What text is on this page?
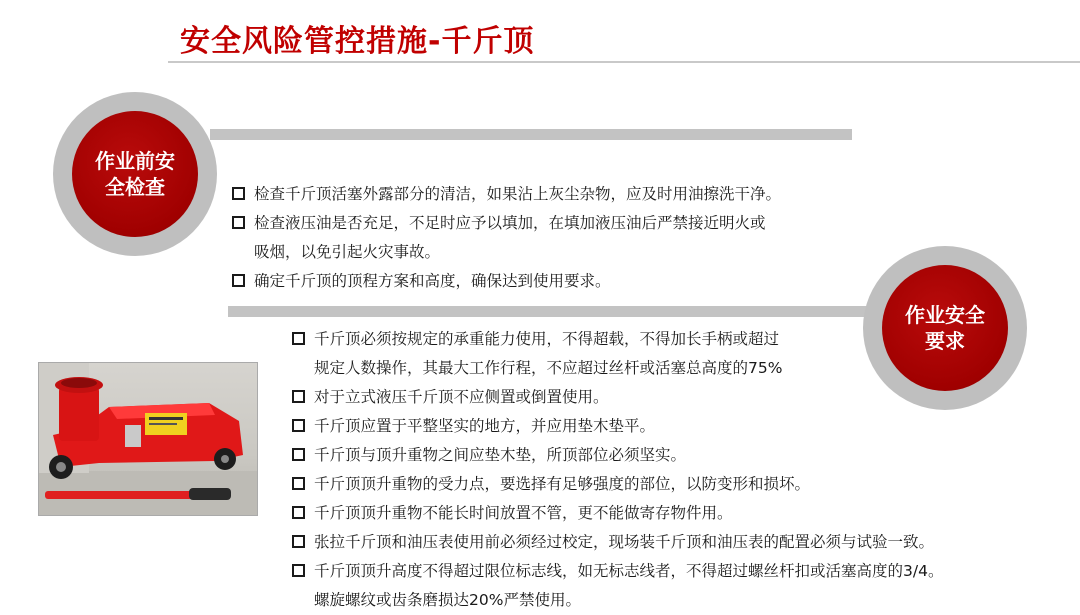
安全风险管控措施-千斤顶
作业前安
全检查
作业安全
要求
检查千斤顶活塞外露部分的清洁，如果沾上灰尘杂物，应及时用油擦洗干净。
检查液压油是否充足，不足时应予以填加，在填加液压油后严禁接近明火或
吸烟，以免引起火灾事故。
确定千斤顶的顶程方案和高度，确保达到使用要求。
千斤顶必须按规定的承重能力使用，不得超载，不得加长手柄或超过
规定人数操作，其最大工作行程，不应超过丝杆或活塞总高度的75%
对于立式液压千斤顶不应侧置或倒置使用。
千斤顶应置于平整坚实的地方，并应用垫木垫平。
千斤顶与顶升重物之间应垫木垫，所顶部位必须坚实。
千斤顶顶升重物的受力点，要选择有足够强度的部位，以防变形和损坏。
千斤顶顶升重物不能长时间放置不管，更不能做寄存物件用。
张拉千斤顶和油压表使用前必须经过校定，现场装千斤顶和油压表的配置必须与试验一致。
千斤顶顶升高度不得超过限位标志线，如无标志线者，不得超过螺丝杆扣或活塞高度的3/4。
螺旋螺纹或齿条磨损达20%严禁使用。
